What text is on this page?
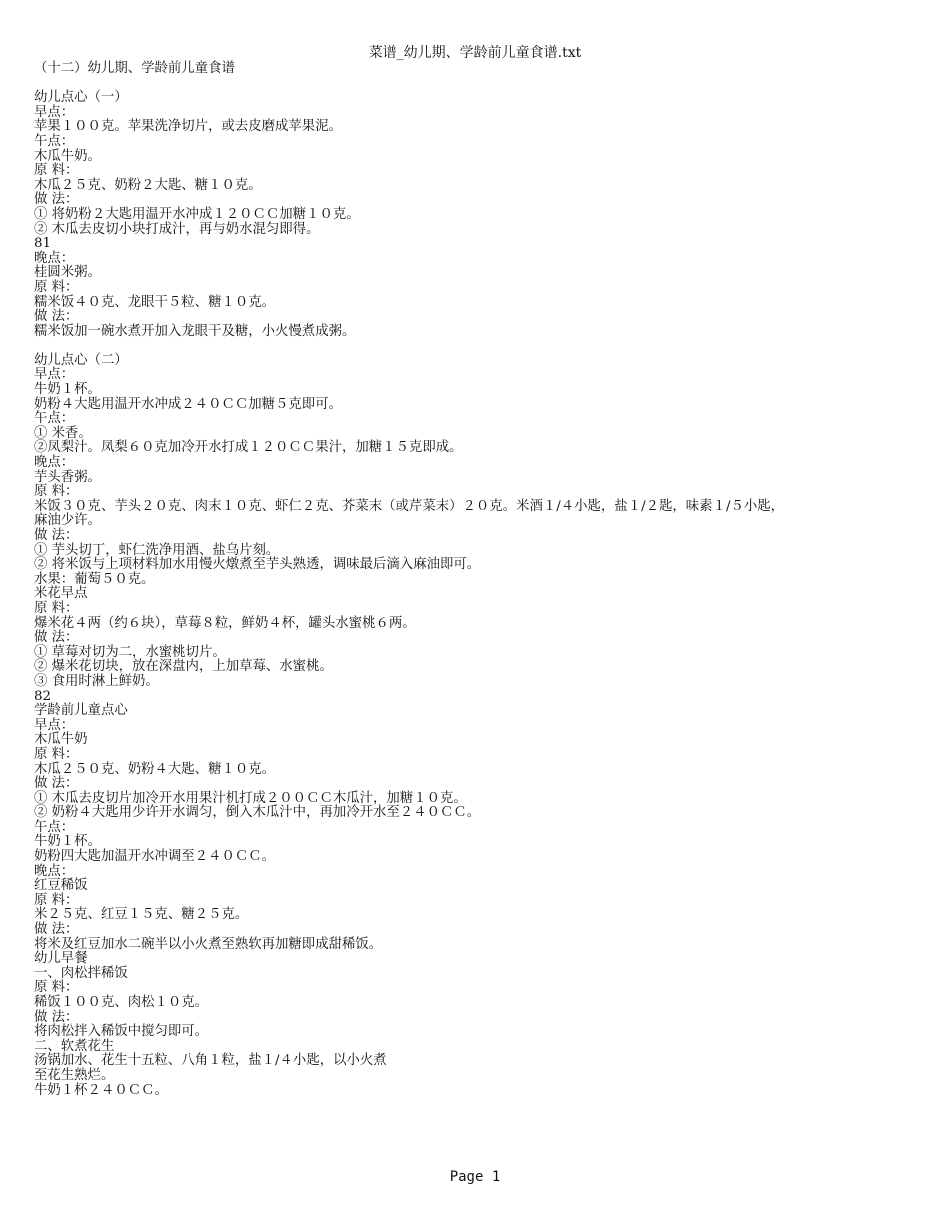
菜谱_幼儿期、学龄前儿童食谱.txt
（十二）幼儿期、学龄前儿童食谱
幼儿点心（一）
早点：
苹果１００克。苹果洗净切片，或去皮磨成苹果泥。
午点：
木瓜牛奶。
原 料：
木瓜２５克、奶粉２大匙、糖１０克。
做 法：
① 将奶粉２大匙用温开水冲成１２０ＣＣ加糖１０克。
② 木瓜去皮切小块打成汁，再与奶水混匀即得。
81
晚点：
桂圆米粥。
原 料：
糯米饭４０克、龙眼干５粒、糖１０克。
做 法：
糯米饭加一碗水煮开加入龙眼干及糖，小火慢煮成粥。
幼儿点心（二）
早点：
牛奶１杯。
奶粉４大匙用温开水冲成２４０ＣＣ加糖５克即可。
午点：
① 米香。
②凤梨汁。凤梨６０克加冷开水打成１２０ＣＣ果汁，加糖１５克即成。
晚点：
芋头香粥。
原 料：
米饭３０克、芋头２０克、肉末１０克、虾仁２克、芥菜末（或芹菜末）２０克。米酒１/４小匙，盐１/２匙，味素１/５小匙，
麻油少许。
做 法：
① 芋头切丁，虾仁洗净用酒、盐乌片刻。
② 将米饭与上项材料加水用慢火燉煮至芋头熟透，调味最后滴入麻油即可。
水果：葡萄５０克。
米花早点
原 料：
爆米花４两（约６块），草莓８粒，鲜奶４杯，罐头水蜜桃６两。
做 法：
① 草莓对切为二，水蜜桃切片。
② 爆米花切块，放在深盘内，上加草莓、水蜜桃。
③ 食用时淋上鲜奶。
82
学龄前儿童点心
早点：
木瓜牛奶
原 料：
木瓜２５０克、奶粉４大匙、糖１０克。
做 法：
① 木瓜去皮切片加冷开水用果汁机打成２００ＣＣ木瓜汁，加糖１０克。
② 奶粉４大匙用少许开水调匀，倒入木瓜汁中，再加冷开水至２４０ＣＣ。
午点：
牛奶１杯。
奶粉四大匙加温开水冲调至２４０ＣＣ。
晚点：
红豆稀饭
原 料：
米２５克、红豆１５克、糖２５克。
做 法：
将米及红豆加水二碗半以小火煮至熟软再加糖即成甜稀饭。
幼儿早餐
一、肉松拌稀饭
原 料：
稀饭１００克、肉松１０克。
做 法：
将肉松拌入稀饭中搅匀即可。
二、软煮花生
汤锅加水、花生十五粒、八角１粒，盐１/４小匙，以小火煮
至花生熟烂。
牛奶１杯２４０ＣＣ。
Page 1
